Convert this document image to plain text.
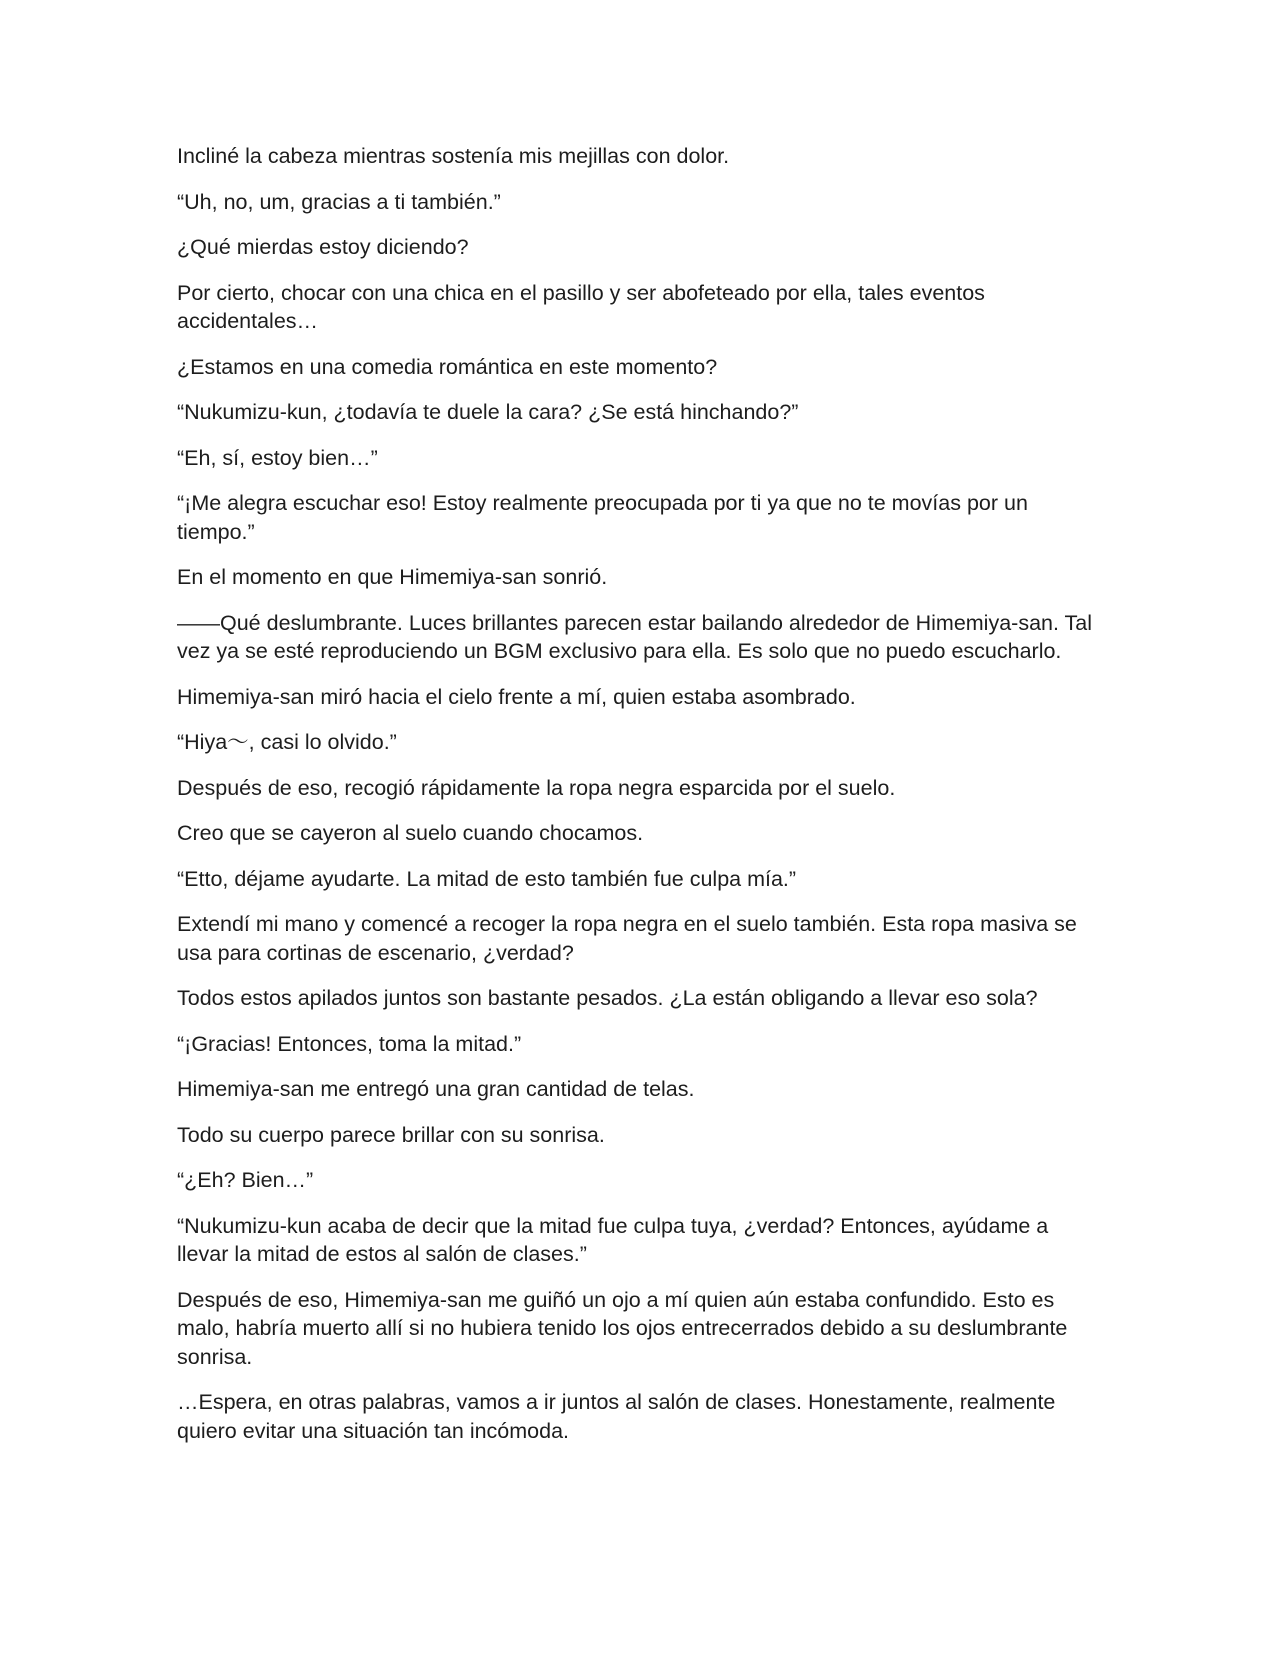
Incliné la cabeza mientras sostenía mis mejillas con dolor.

“Uh, no, um, gracias a ti también.”

¿Qué mierdas estoy diciendo?

Por cierto, chocar con una chica en el pasillo y ser abofeteado por ella, tales eventos accidentales…

¿Estamos en una comedia romántica en este momento?

“Nukumizu-kun, ¿todavía te duele la cara? ¿Se está hinchando?”

“Eh, sí, estoy bien…”

“¡Me alegra escuchar eso! Estoy realmente preocupada por ti ya que no te movías por un tiempo.”

En el momento en que Himemiya-san sonrió.

——Qué deslumbrante. Luces brillantes parecen estar bailando alrededor de Himemiya-san. Tal vez ya se esté reproduciendo un BGM exclusivo para ella. Es solo que no puedo escucharlo.

Himemiya-san miró hacia el cielo frente a mí, quien estaba asombrado.

“Hiya～, casi lo olvido.”

Después de eso, recogió rápidamente la ropa negra esparcida por el suelo.

Creo que se cayeron al suelo cuando chocamos.

“Etto, déjame ayudarte. La mitad de esto también fue culpa mía.”

Extendí mi mano y comencé a recoger la ropa negra en el suelo también. Esta ropa masiva se usa para cortinas de escenario, ¿verdad?

Todos estos apilados juntos son bastante pesados. ¿La están obligando a llevar eso sola?

“¡Gracias! Entonces, toma la mitad.”

Himemiya-san me entregó una gran cantidad de telas.

Todo su cuerpo parece brillar con su sonrisa.

“¿Eh? Bien…”

“Nukumizu-kun acaba de decir que la mitad fue culpa tuya, ¿verdad? Entonces, ayúdame a llevar la mitad de estos al salón de clases.”

Después de eso, Himemiya-san me guiñó un ojo a mí quien aún estaba confundido. Esto es malo, habría muerto allí si no hubiera tenido los ojos entrecerrados debido a su deslumbrante sonrisa.

…Espera, en otras palabras, vamos a ir juntos al salón de clases. Honestamente, realmente quiero evitar una situación tan incómoda.
